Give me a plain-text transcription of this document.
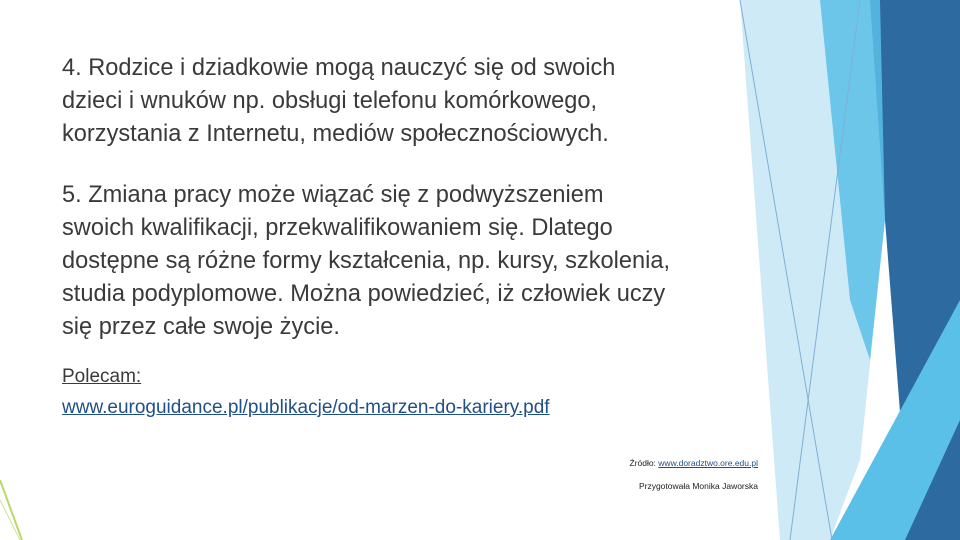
4. Rodzice i dziadkowie mogą nauczyć się od swoich
dzieci i wnuków np. obsługi telefonu komórkowego,
korzystania z Internetu, mediów społecznościowych.

5. Zmiana pracy może wiązać się z podwyższeniem
swoich kwalifikacji, przekwalifikowaniem się. Dlatego
dostępne są różne formy kształcenia, np. kursy, szkolenia,
studia podyplomowe. Można powiedzieć, iż człowiek uczy
się przez całe swoje życie.

Polecam:
www.euroguidance.pl/publikacje/od-marzen-do-kariery.pdf
Źródło: www.doradztwo.ore.edu.pl
Przygotowała Monika Jaworska
